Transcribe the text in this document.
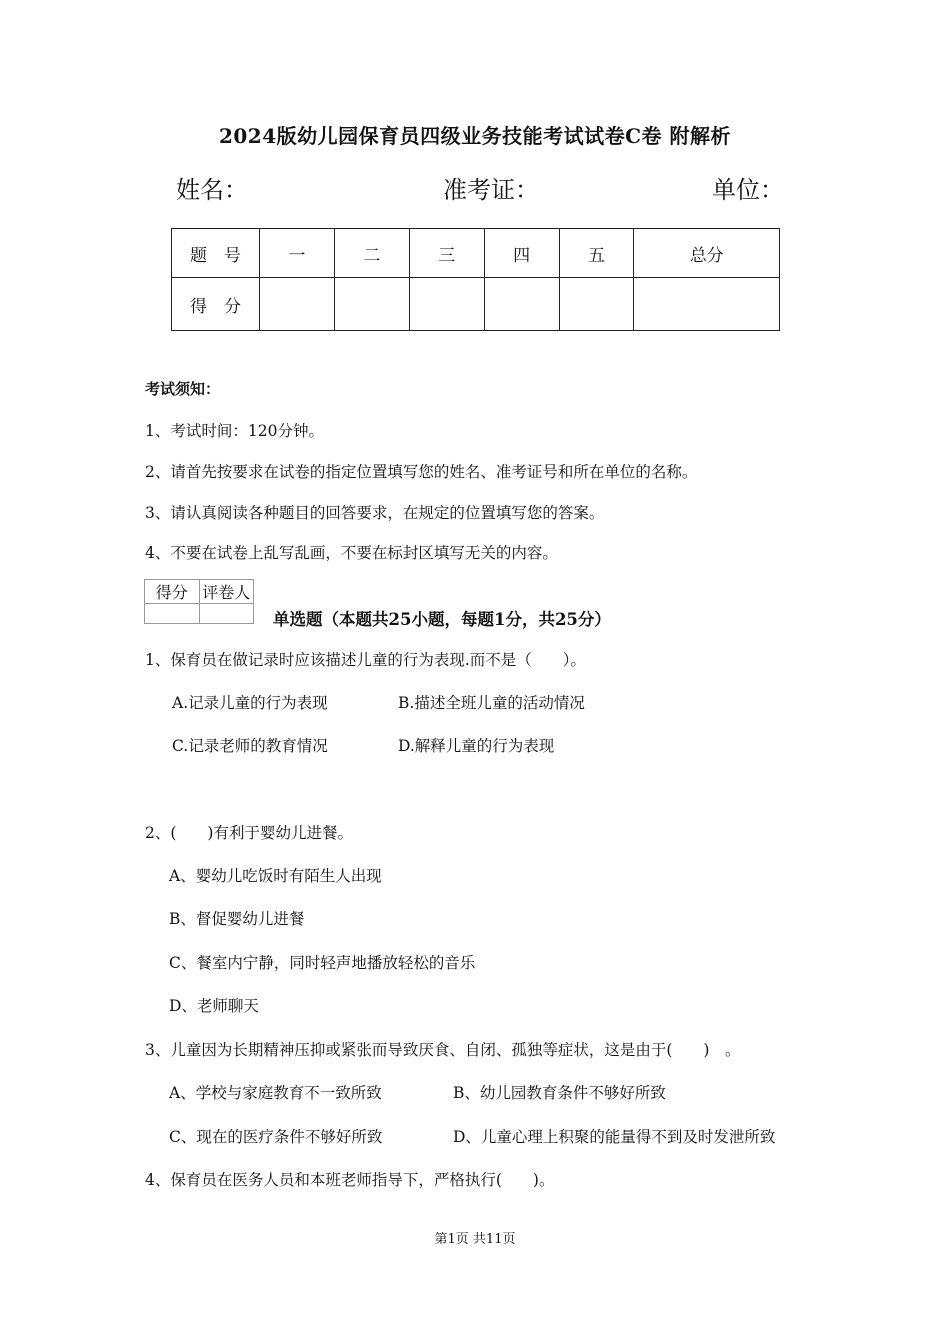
2024版幼儿园保育员四级业务技能考试试卷C卷 附解析
姓名：	准考证：	单位：
题　号	一	二	三	四	五	总分
得　分						
考试须知：
1、考试时间：120分钟。
2、请首先按要求在试卷的指定位置填写您的姓名、准考证号和所在单位的名称。
3、请认真阅读各种题目的回答要求，在规定的位置填写您的答案。
4、不要在试卷上乱写乱画，不要在标封区填写无关的内容。
得分	评卷人

单选题（本题共25小题，每题1分，共25分）
1、保育员在做记录时应该描述儿童的行为表现.而不是（　　）。
A.记录儿童的行为表现	B.描述全班儿童的活动情况
C.记录老师的教育情况	D.解释儿童的行为表现
2、(　　)有利于婴幼儿进餐。
A、婴幼儿吃饭时有陌生人出现
B、督促婴幼儿进餐
C、餐室内宁静，同时轻声地播放轻松的音乐
D、老师聊天
3、儿童因为长期精神压抑或紧张而导致厌食、自闭、孤独等症状，这是由于(　　)　。
A、学校与家庭教育不一致所致	B、幼儿园教育条件不够好所致
C、现在的医疗条件不够好所致	D、儿童心理上积聚的能量得不到及时发泄所致
4、保育员在医务人员和本班老师指导下，严格执行(　　)。
第1页 共11页
